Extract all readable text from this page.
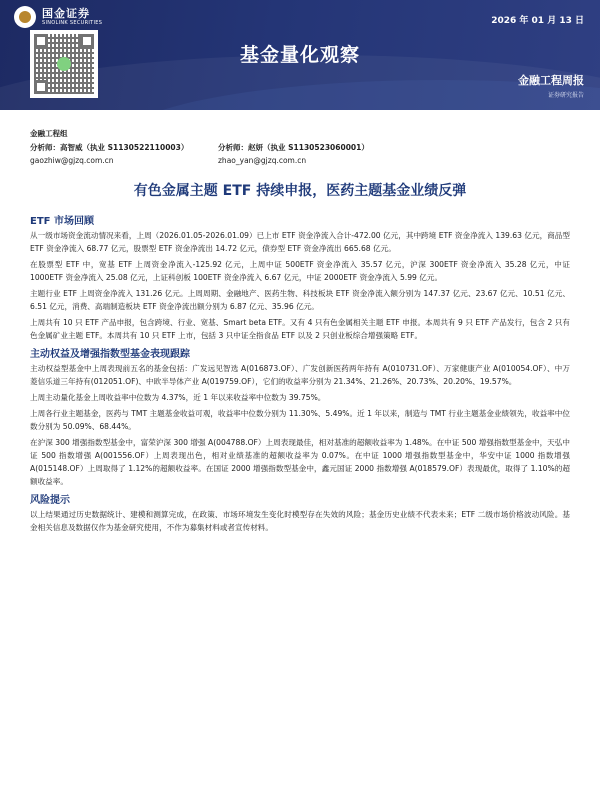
国金证券
SINOLINK SECURITIES	2026 年 01 月 13 日
基金量化观察
金融工程周报
证券研究报告
金融工程组
分析师：高智威（执业 S1130522110003）	分析师：赵妍（执业 S1130523060001）
gaozhiw@gjzq.com.cn	zhao_yan@gjzq.com.cn
有色金属主题 ETF 持续申报，医药主题基金业绩反弹
ETF 市场回顾

从一级市场资金流动情况来看，上周（2026.01.05-2026.01.09）已上市 ETF 资金净流入合计-472.00 亿元，其中跨境 ETF 资金净流入 139.63 亿元，商品型 ETF 资金净流入 68.77 亿元，股票型 ETF 资金净流出 14.72 亿元，债券型 ETF 资金净流出 665.68 亿元。

在股票型 ETF 中，宽基 ETF 上周资金净流入-125.92 亿元，上周中证 500ETF 资金净流入 35.57 亿元，沪深 300ETF 资金净流入 35.28 亿元，中证 1000ETF 资金净流入 25.08 亿元，上证科创板 100ETF 资金净流入 6.67 亿元，中证 2000ETF 资金净流入 5.99 亿元。

主题行业 ETF 上周资金净流入 131.26 亿元。上周周期、金融地产、医药生物、科技板块 ETF 资金净流入额分别为 147.37 亿元、23.67 亿元、10.51 亿元、6.51 亿元，消费、高端制造板块 ETF 资金净流出额分别为 6.87 亿元、35.96 亿元。

上周共有 10 只 ETF 产品申报，包含跨境、行业、宽基、Smart beta ETF。又有 4 只有色金属相关主题 ETF 申报。本周共有 9 只 ETF 产品发行，包含 2 只有色金属矿业主题 ETF。本周共有 10 只 ETF 上市，包括 3 只中证全指食品 ETF 以及 2 只创业板综合增强策略 ETF。

主动权益及增强指数型基金表现跟踪

主动权益型基金中上周表现前五名的基金包括：广发远见智选 A(016873.OF）、广发创新医药两年持有 A(010731.OF）、万家健康产业 A(010054.OF）、中万菱信乐道三年持有(012051.OF)、中欧半导体产业 A(019759.OF），它们的收益率分别为 21.34%、21.26%、20.73%、20.20%、19.57%。

上周主动量化基金上周收益率中位数为 4.37%，近 1 年以来收益率中位数为 39.75%。

上周各行业主题基金，医药与 TMT 主题基金收益可观，收益率中位数分别为 11.30%、5.49%。近 1 年以来，制造与 TMT 行业主题基金业绩领先，收益率中位数分别为 50.09%、68.44%。

在沪深 300 增强指数型基金中，富荣沪深 300 增强 A(004788.OF）上周表现最佳，相对基准的超额收益率为 1.48%。在中证 500 增强指数型基金中，天弘中证 500 指数增强 A(001556.OF）上周表现出色，相对业绩基准的超额收益率为 0.07%。在中证 1000 增强指数型基金中，华安中证 1000 指数增强 A(015148.OF）上周取得了 1.12%的超额收益率。在国证 2000 增强指数型基金中，鑫元国证 2000 指数增强 A(018579.OF）表现最优，取得了 1.10%的超额收益率。

风险提示

以上结果通过历史数据统计、建模和测算完成，在政策、市场环境发生变化时模型存在失效的风险；基金历史业绩不代表未来；ETF 二级市场价格波动风险。基金相关信息及数据仅作为基金研究使用，不作为募集材料或者宣传材料。
